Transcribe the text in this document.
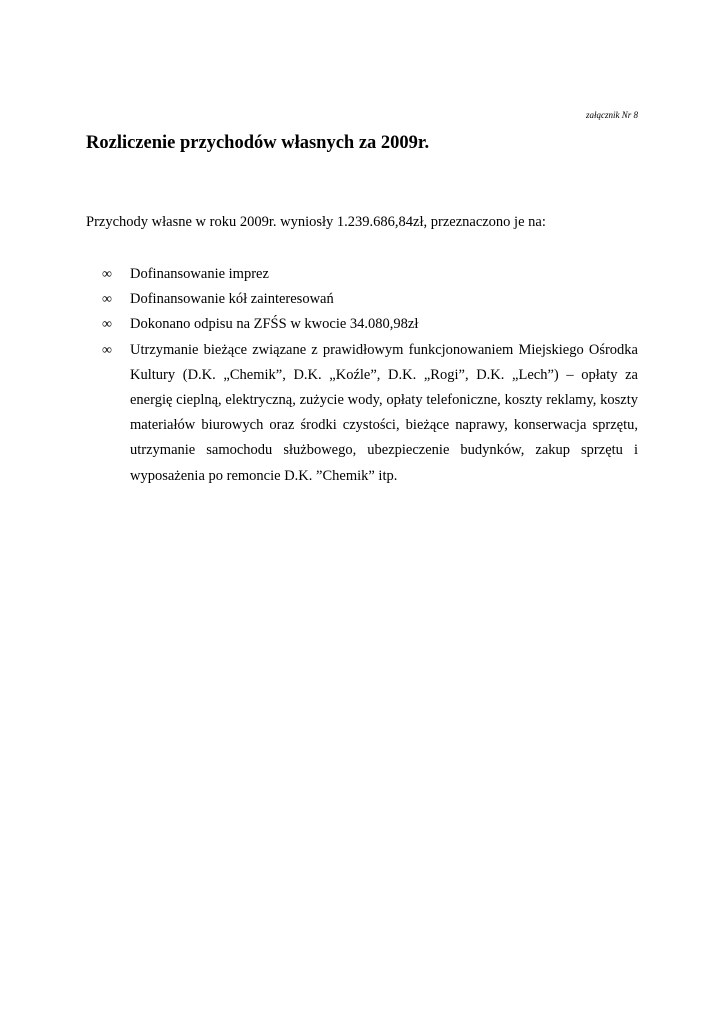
załącznik Nr 8
Rozliczenie przychodów własnych za 2009r.

Przychody własne w roku 2009r. wyniosły 1.239.686,84zł, przeznaczono je na:

∞	Dofinansowanie imprez
∞	Dofinansowanie kół zainteresowań
∞	Dokonano odpisu na ZFŚS w kwocie 34.080,98zł
∞	Utrzymanie bieżące związane z prawidłowym funkcjonowaniem Miejskiego Ośrodka Kultury (D.K. „Chemik”, D.K. „Koźle”, D.K. „Rogi”, D.K. „Lech”) – opłaty za energię cieplną, elektryczną, zużycie wody, opłaty telefoniczne, koszty reklamy, koszty materiałów biurowych oraz środki czystości, bieżące naprawy, konserwacja sprzętu, utrzymanie samochodu służbowego, ubezpieczenie budynków, zakup sprzętu i wyposażenia po remoncie D.K. ”Chemik” itp.
